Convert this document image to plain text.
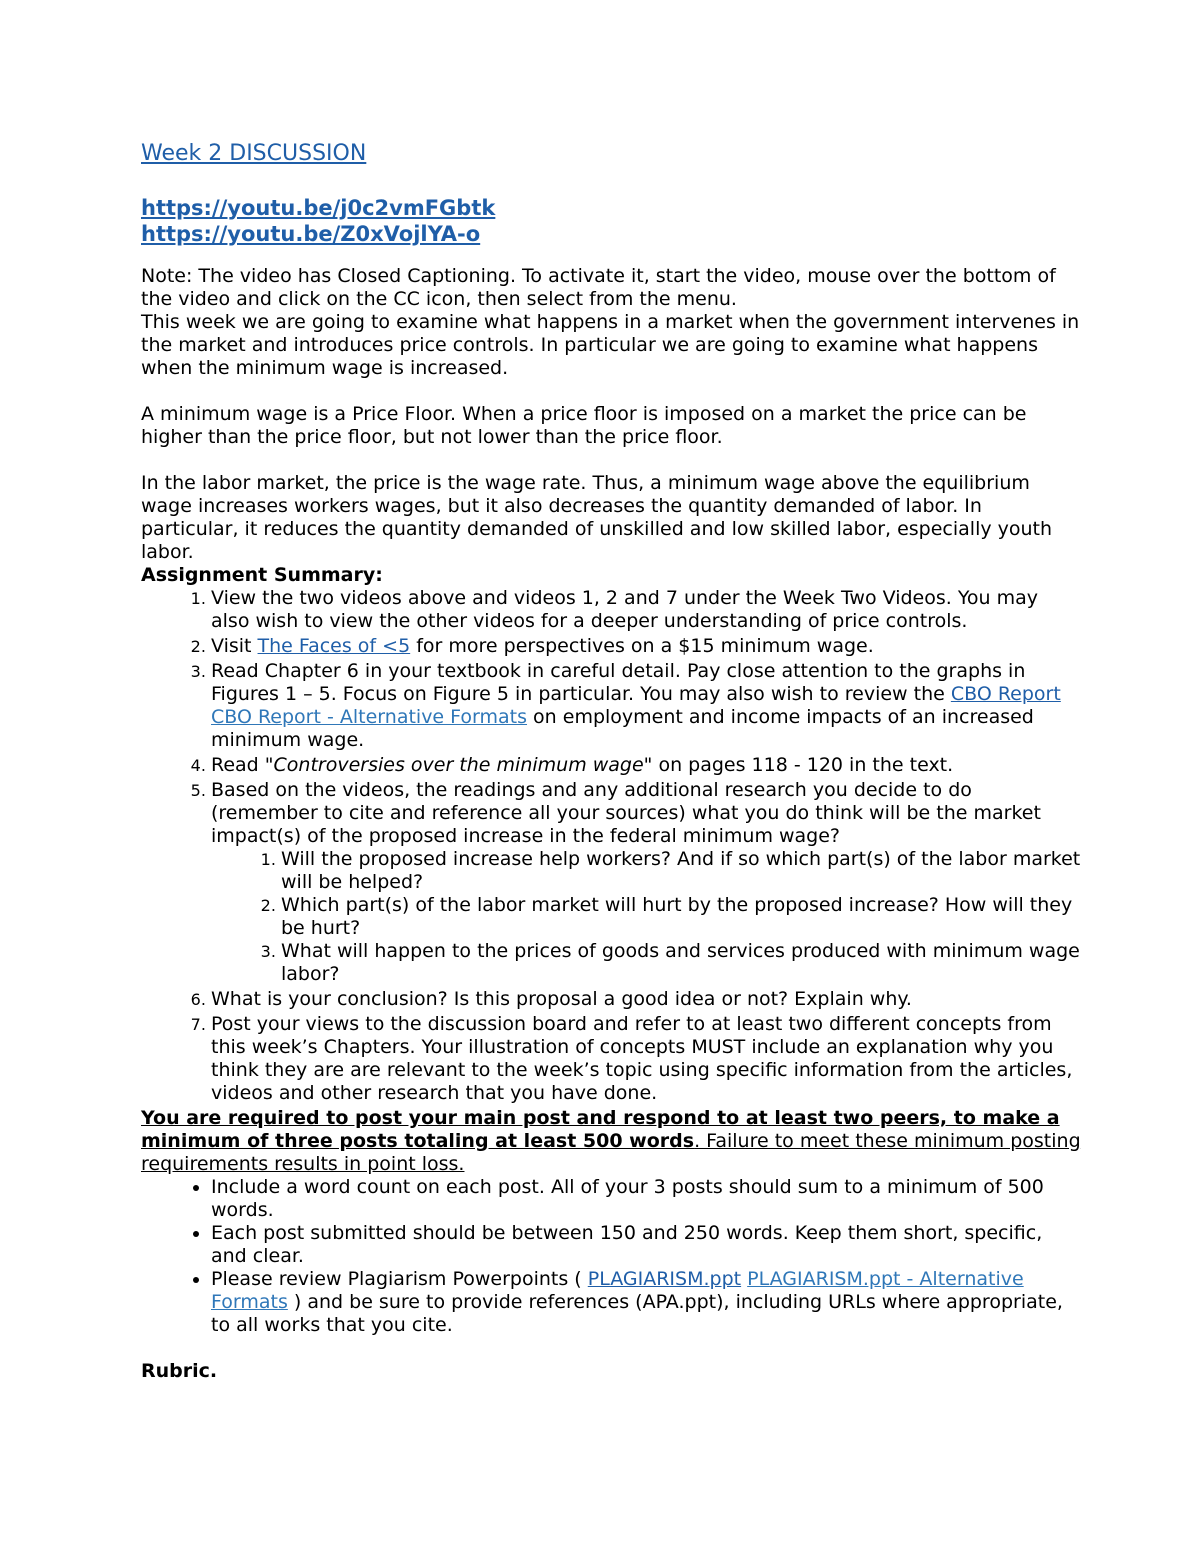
Week 2 DISCUSSION
https://youtu.be/j0c2vmFGbtk
https://youtu.be/Z0xVojlYA-o

Note: The video has Closed Captioning. To activate it, start the video, mouse over the bottom of the video and click on the CC icon, then select from the menu.

This week we are going to examine what happens in a market when the government intervenes in the market and introduces price controls. In particular we are going to examine what happens when the minimum wage is increased.

A minimum wage is a Price Floor. When a price floor is imposed on a market the price can be higher than the price floor, but not lower than the price floor.

In the labor market, the price is the wage rate. Thus, a minimum wage above the equilibrium wage increases workers wages, but it also decreases the quantity demanded of labor. In particular, it reduces the quantity demanded of unskilled and low skilled labor, especially youth labor.

Assignment Summary:

1. View the two videos above and videos 1, 2 and 7 under the Week Two Videos. You may also wish to view the other videos for a deeper understanding of price controls.
2. Visit The Faces of <5 for more perspectives on a $15 minimum wage.
3. Read Chapter 6 in your textbook in careful detail. Pay close attention to the graphs in Figures 1 – 5. Focus on Figure 5 in particular. You may also wish to review the CBO Report CBO Report - Alternative Formats on employment and income impacts of an increased minimum wage.
4. Read "Controversies over the minimum wage" on pages 118 - 120 in the text.
5. Based on the videos, the readings and any additional research you decide to do (remember to cite and reference all your sources) what you do think will be the market impact(s) of the proposed increase in the federal minimum wage?
1. Will the proposed increase help workers? And if so which part(s) of the labor market will be helped?
2. Which part(s) of the labor market will hurt by the proposed increase? How will they be hurt?
3. What will happen to the prices of goods and services produced with minimum wage labor?
6. What is your conclusion? Is this proposal a good idea or not? Explain why.
7. Post your views to the discussion board and refer to at least two different concepts from this week’s Chapters. Your illustration of concepts MUST include an explanation why you think they are are relevant to the week’s topic using specific information from the articles, videos and other research that you have done.

You are required to post your main post and respond to at least two peers, to make a minimum of three posts totaling at least 500 words. Failure to meet these minimum posting requirements results in point loss.

• Include a word count on each post. All of your 3 posts should sum to a minimum of 500 words.
• Each post submitted should be between 150 and 250 words. Keep them short, specific, and clear.
• Please review Plagiarism Powerpoints ( PLAGIARISM.ppt PLAGIARISM.ppt - Alternative Formats ) and be sure to provide references (APA.ppt), including URLs where appropriate, to all works that you cite.

Rubric.
